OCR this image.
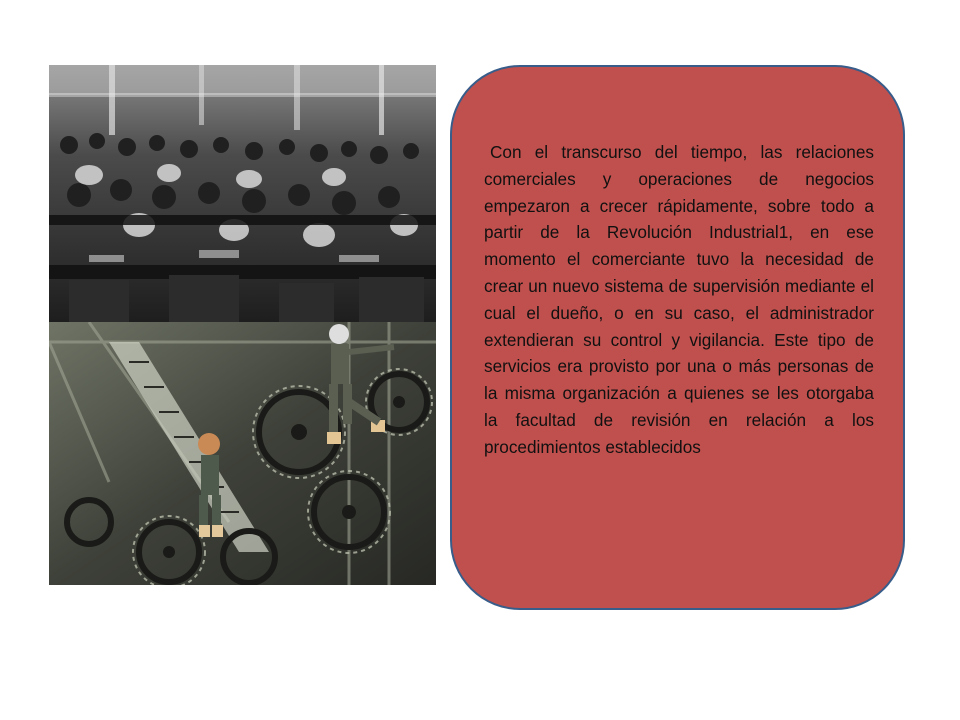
Con el transcurso del tiempo, las relaciones comerciales y operaciones de negocios empezaron a crecer rápidamente, sobre todo a partir de la Revolución Industrial1, en ese momento el comerciante tuvo la necesidad de crear un nuevo sistema de supervisión mediante el cual el dueño, o en su caso, el administrador extendieran su control y vigilancia. Este tipo de servicios era provisto por una o más personas de la misma organización a quienes se les otorgaba la facultad de revisión en relación a los procedimientos establecidos
